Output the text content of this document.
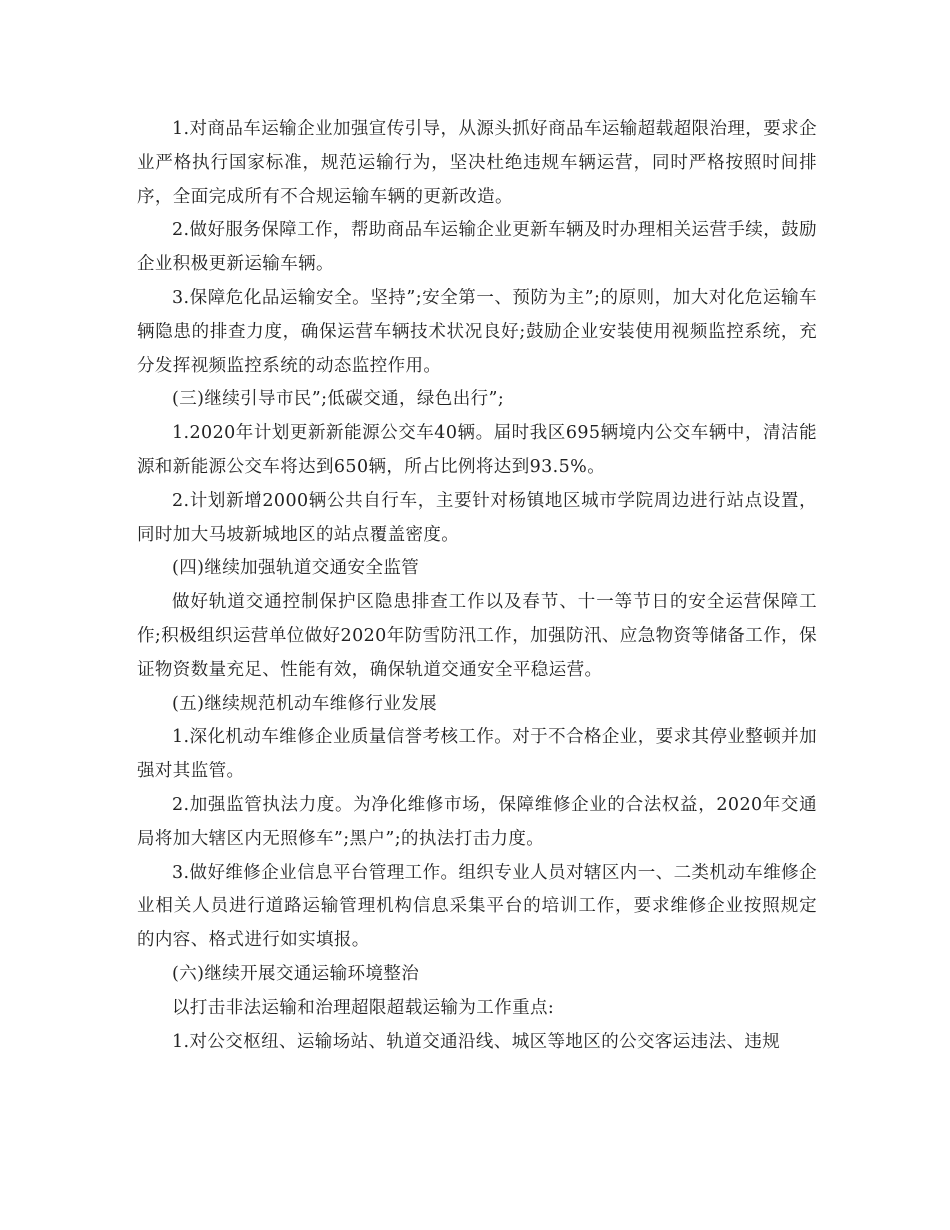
1.对商品车运输企业加强宣传引导，从源头抓好商品车运输超载超限治理，要求企业严格执行国家标准，规范运输行为，坚决杜绝违规车辆运营，同时严格按照时间排序，全面完成所有不合规运输车辆的更新改造。

2.做好服务保障工作，帮助商品车运输企业更新车辆及时办理相关运营手续，鼓励企业积极更新运输车辆。

3.保障危化品运输安全。坚持”;安全第一、预防为主”;的原则，加大对化危运输车辆隐患的排查力度，确保运营车辆技术状况良好;鼓励企业安装使用视频监控系统，充分发挥视频监控系统的动态监控作用。

(三)继续引导市民”;低碳交通，绿色出行”;

1.2020年计划更新新能源公交车40辆。届时我区695辆境内公交车辆中，清洁能源和新能源公交车将达到650辆，所占比例将达到93.5%。

2.计划新增2000辆公共自行车，主要针对杨镇地区城市学院周边进行站点设置，同时加大马坡新城地区的站点覆盖密度。

(四)继续加强轨道交通安全监管

做好轨道交通控制保护区隐患排查工作以及春节、十一等节日的安全运营保障工作;积极组织运营单位做好2020年防雪防汛工作，加强防汛、应急物资等储备工作，保证物资数量充足、性能有效，确保轨道交通安全平稳运营。

(五)继续规范机动车维修行业发展

1.深化机动车维修企业质量信誉考核工作。对于不合格企业，要求其停业整顿并加强对其监管。

2.加强监管执法力度。为净化维修市场，保障维修企业的合法权益，2020年交通局将加大辖区内无照修车”;黑户”;的执法打击力度。

3.做好维修企业信息平台管理工作。组织专业人员对辖区内一、二类机动车维修企业相关人员进行道路运输管理机构信息采集平台的培训工作，要求维修企业按照规定的内容、格式进行如实填报。

(六)继续开展交通运输环境整治

以打击非法运输和治理超限超载运输为工作重点:

1.对公交枢纽、运输场站、轨道交通沿线、城区等地区的公交客运违法、违规
